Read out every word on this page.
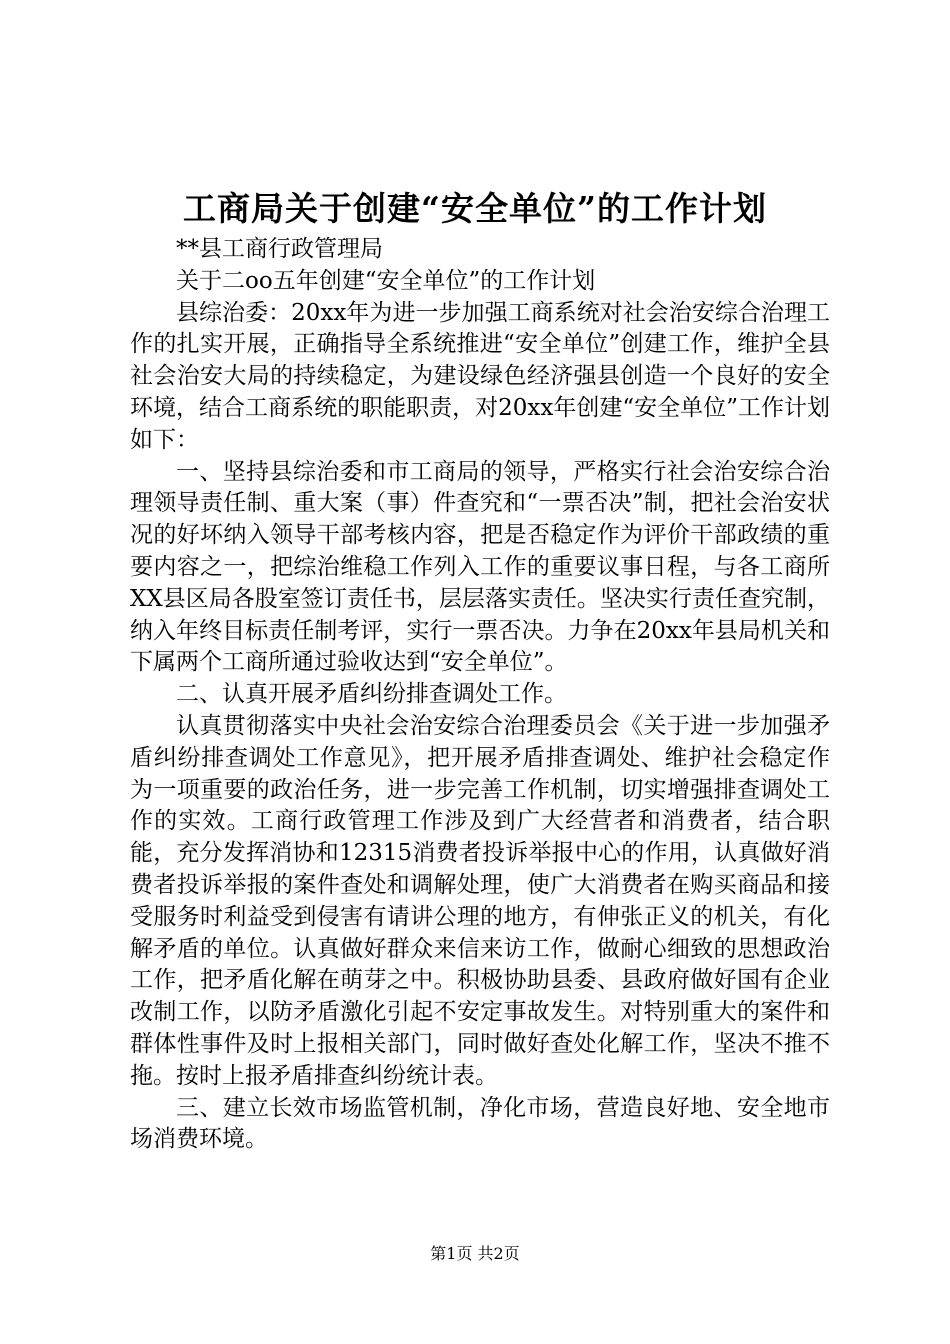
工商局关于创建“安全单位”的工作计划

**县工商行政管理局

关于二oo五年创建“安全单位”的工作计划

县综治委：20xx年为进一步加强工商系统对社会治安综合治理工作的扎实开展，正确指导全系统推进“安全单位”创建工作，维护全县社会治安大局的持续稳定，为建设绿色经济强县创造一个良好的安全环境，结合工商系统的职能职责，对20xx年创建“安全单位”工作计划如下：

一、坚持县综治委和市工商局的领导，严格实行社会治安综合治理领导责任制、重大案（事）件查究和“一票否决”制，把社会治安状况的好坏纳入领导干部考核内容，把是否稳定作为评价干部政绩的重要内容之一，把综治维稳工作列入工作的重要议事日程，与各工商所XX县区局各股室签订责任书，层层落实责任。坚决实行责任查究制，纳入年终目标责任制考评，实行一票否决。力争在20xx年县局机关和下属两个工商所通过验收达到“安全单位”。

二、认真开展矛盾纠纷排查调处工作。

认真贯彻落实中央社会治安综合治理委员会《关于进一步加强矛盾纠纷排查调处工作意见》，把开展矛盾排查调处、维护社会稳定作为一项重要的政治任务，进一步完善工作机制，切实增强排查调处工作的实效。工商行政管理工作涉及到广大经营者和消费者，结合职能，充分发挥消协和12315消费者投诉举报中心的作用，认真做好消费者投诉举报的案件查处和调解处理，使广大消费者在购买商品和接受服务时利益受到侵害有请讲公理的地方，有伸张正义的机关，有化解矛盾的单位。认真做好群众来信来访工作，做耐心细致的思想政治工作，把矛盾化解在萌芽之中。积极协助县委、县政府做好国有企业改制工作，以防矛盾激化引起不安定事故发生。对特别重大的案件和群体性事件及时上报相关部门，同时做好查处化解工作，坚决不推不拖。按时上报矛盾排查纠纷统计表。

三、建立长效市场监管机制，净化市场，营造良好地、安全地市场消费环境。

第1页 共2页
